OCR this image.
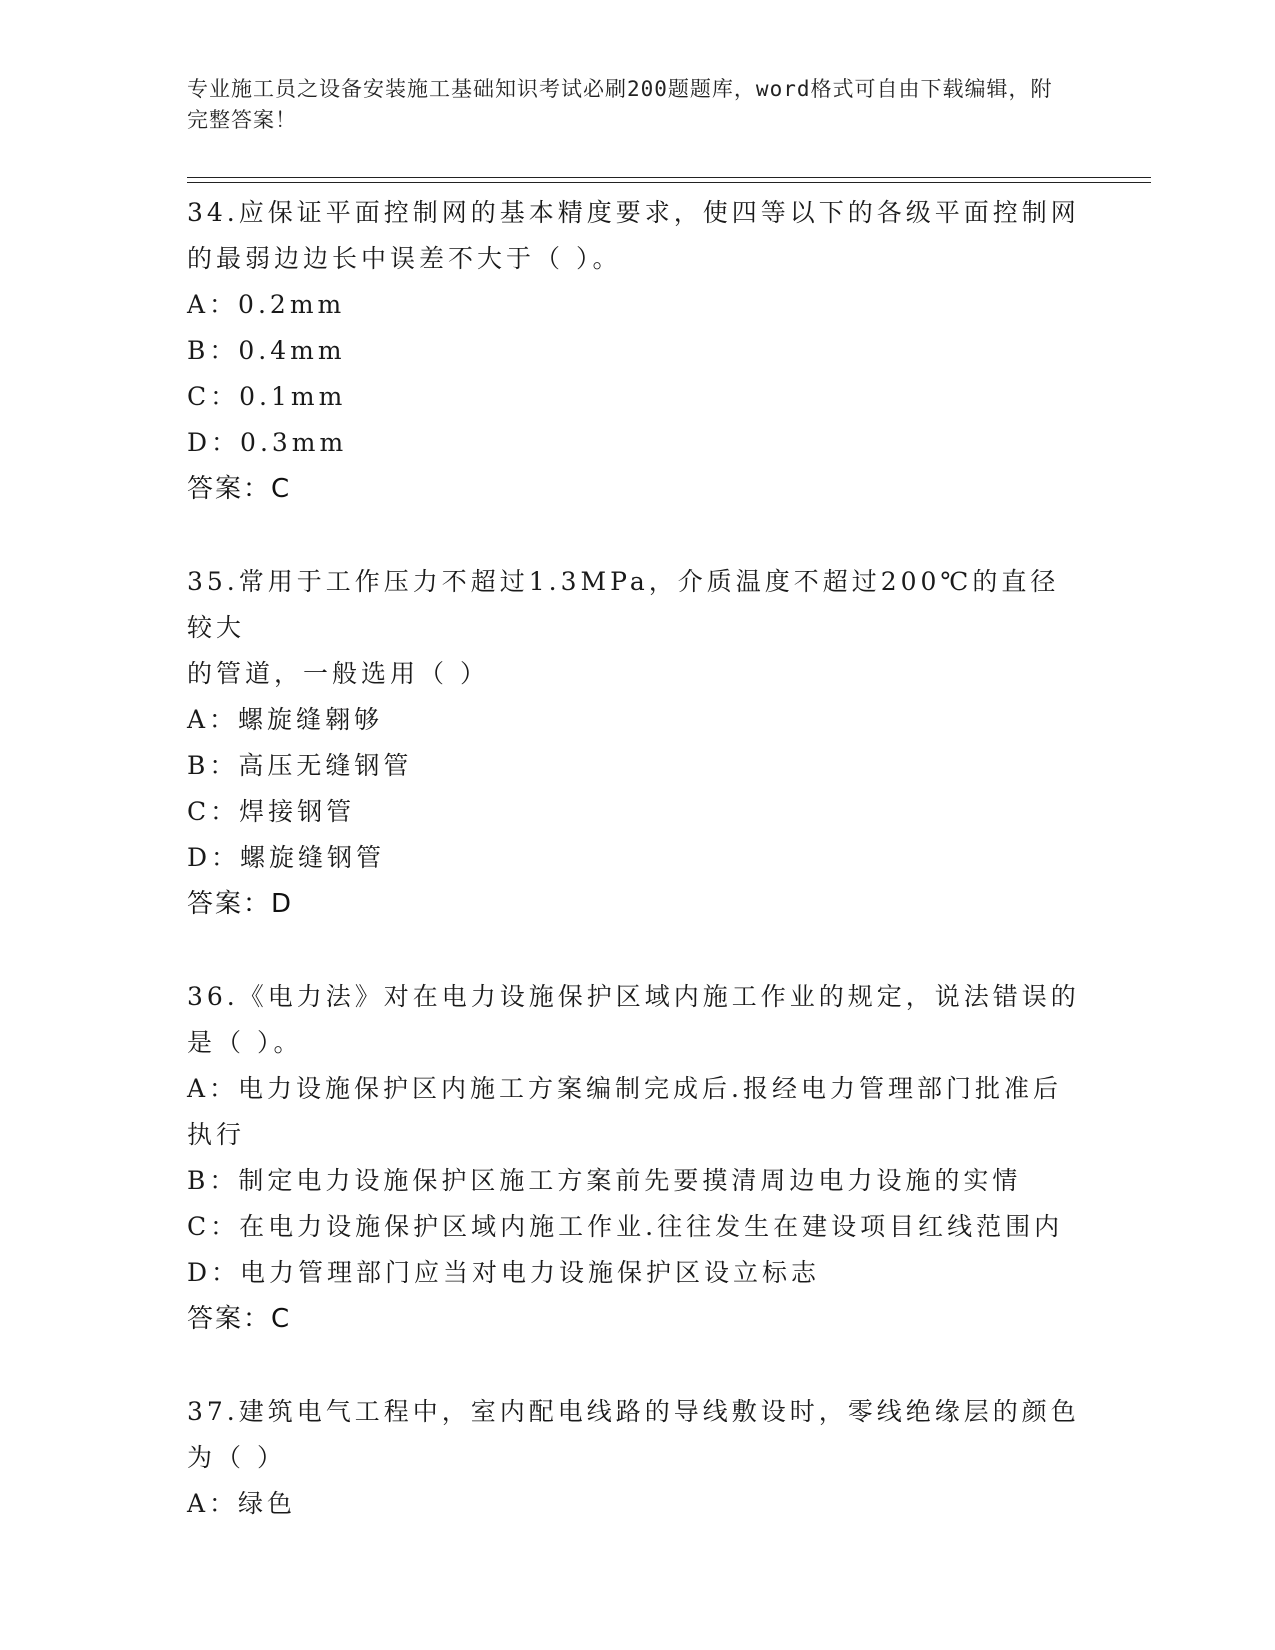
专业施工员之设备安装施工基础知识考试必刷200题题库，word格式可自由下载编辑，附完整答案！
34.应保证平面控制网的基本精度要求，使四等以下的各级平面控制网
的最弱边边长中误差不大于（ ）。
A：0.2mm
B：0.4mm
C：0.1mm
D：0.3mm
答案：C
35.常用于工作压力不超过1.3MPa，介质温度不超过200℃的直径较大
的管道，一般选用（ ）
A：螺旋缝翱够
B：高压无缝钢管
C：焊接钢管
D：螺旋缝钢管
答案：D
36.《电力法》对在电力设施保护区域内施工作业的规定，说法错误的
是（ ）。
A：电力设施保护区内施工方案编制完成后.报经电力管理部门批准后
执行
B：制定电力设施保护区施工方案前先要摸清周边电力设施的实情
C：在电力设施保护区域内施工作业.往往发生在建设项目红线范围内
D：电力管理部门应当对电力设施保护区设立标志
答案：C
37.建筑电气工程中，室内配电线路的导线敷设时，零线绝缘层的颜色
为（ ）
A：绿色
